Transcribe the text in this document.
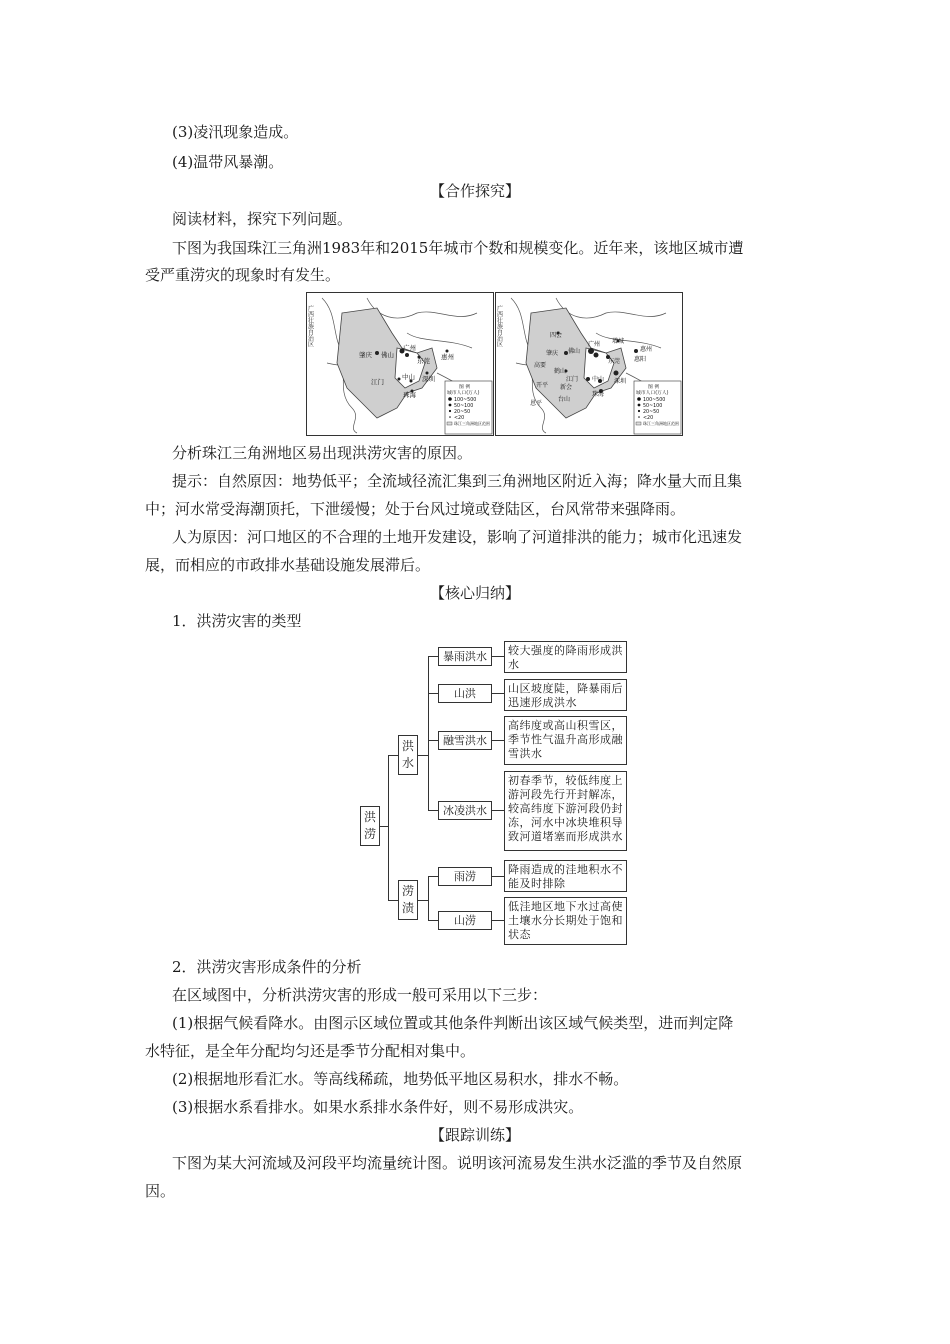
(3)凌汛现象造成。
(4)温带风暴潮。
【合作探究】
阅读材料，探究下列问题。
下图为我国珠江三角洲1983年和2015年城市个数和规模变化。近年来，该地区城市遭
受严重涝灾的现象时有发生。
广西壮族自治区
肇庆 佛山
广州
东莞 惠州
江门
中山 深圳
珠海
图 例
城市人口(万人)
100~500
50~100
20~50
<20
珠江三角洲地区范围
广西壮族自治区	四会
肇庆 佛山
广州 增城
东莞 惠阳
惠州
高要
鹤山
江门 中山
开平 新会
深圳
珠海
恩平
台山
图 例
城市人口(万人)
100~500
50~100
20~50
<20
珠江三角洲地区范围
分析珠江三角洲地区易出现洪涝灾害的原因。
提示：自然原因：地势低平；全流域径流汇集到三角洲地区附近入海；降水量大而且集
中；河水常受海潮顶托，下泄缓慢；处于台风过境或登陆区，台风常带来强降雨。
人为原因：河口地区的不合理的土地开发建设，影响了河道排洪的能力；城市化迅速发
展，而相应的市政排水基础设施发展滞后。
【核心归纳】
1．洪涝灾害的类型
洪涝
洪水
涝渍
暴雨洪水
山洪
融雪洪水
冰凌洪水
雨涝
山涝
较大强度的降雨形成洪水
山区坡度陡，降暴雨后迅速形成洪水
高纬度或高山积雪区，季节性气温升高形成融雪洪水
初春季节，较低纬度上游河段先行开封解冻，较高纬度下游河段仍封冻，河水中冰块堆积导致河道堵塞而形成洪水
降雨造成的洼地积水不能及时排除
低洼地区地下水过高使土壤水分长期处于饱和状态
2．洪涝灾害形成条件的分析
在区域图中，分析洪涝灾害的形成一般可采用以下三步：
(1)根据气候看降水。由图示区域位置或其他条件判断出该区域气候类型，进而判定降
水特征，是全年分配均匀还是季节分配相对集中。
(2)根据地形看汇水。等高线稀疏，地势低平地区易积水，排水不畅。
(3)根据水系看排水。如果水系排水条件好，则不易形成洪灾。
【跟踪训练】
下图为某大河流域及河段平均流量统计图。说明该河流易发生洪水泛滥的季节及自然原
因。
